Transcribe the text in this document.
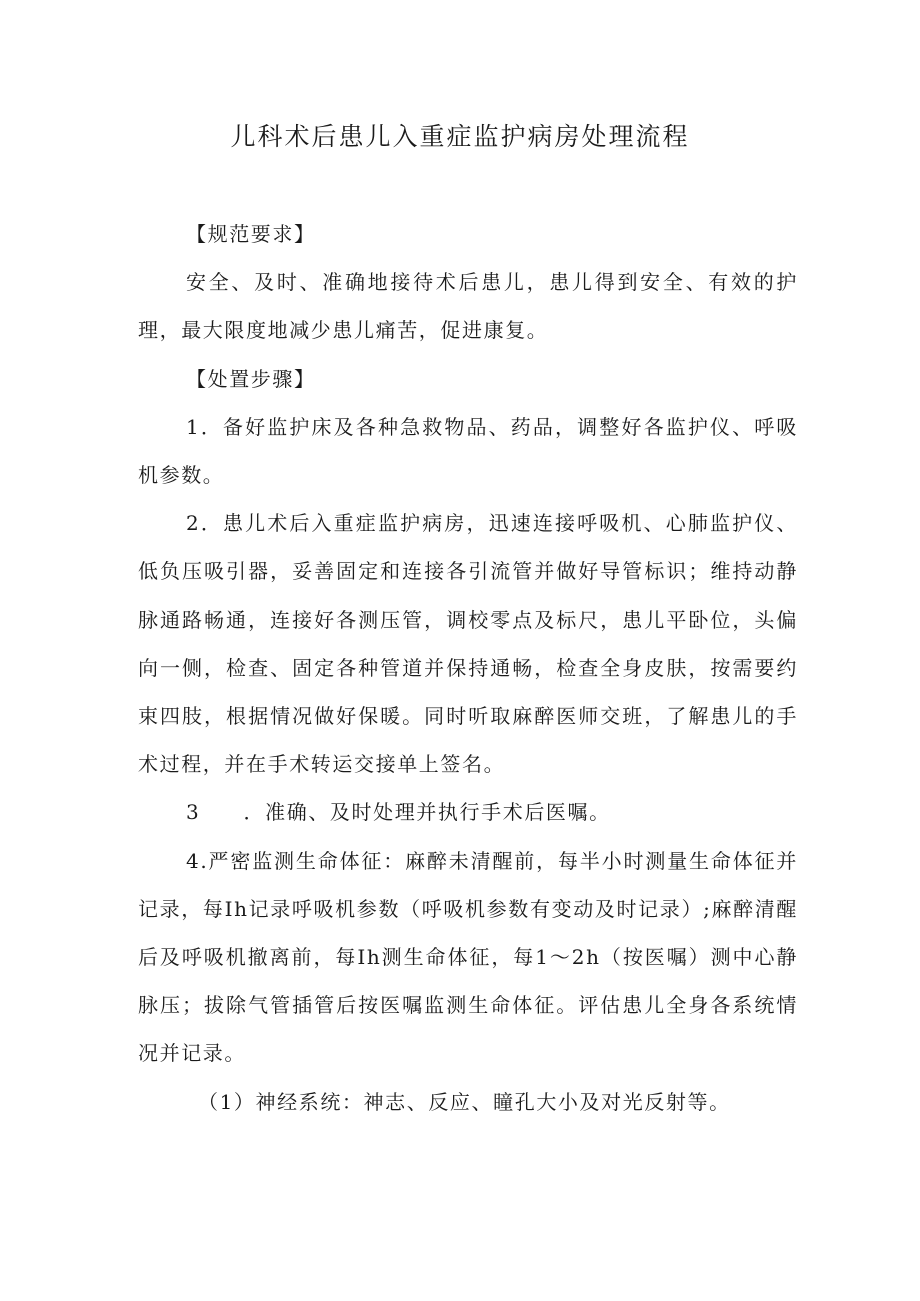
儿科术后患儿入重症监护病房处理流程

【规范要求】

安全、及时、准确地接待术后患儿，患儿得到安全、有效的护理，最大限度地减少患儿痛苦，促进康复。

【处置步骤】

1．备好监护床及各种急救物品、药品，调整好各监护仪、呼吸机参数。

2．患儿术后入重症监护病房，迅速连接呼吸机、心肺监护仪、低负压吸引器，妥善固定和连接各引流管并做好导管标识；维持动静脉通路畅通，连接好各测压管，调校零点及标尺，患儿平卧位，头偏向一侧，检查、固定各种管道并保持通畅，检查全身皮肤，按需要约束四肢，根据情况做好保暖。同时听取麻醉医师交班，了解患儿的手术过程，并在手术转运交接单上签名。

3　　．准确、及时处理并执行手术后医嘱。

4.严密监测生命体征：麻醉未清醒前，每半小时测量生命体征并记录，每Ih记录呼吸机参数（呼吸机参数有变动及时记录）;麻醉清醒后及呼吸机撤离前，每Ih测生命体征，每1～2h（按医嘱）测中心静脉压；拔除气管插管后按医嘱监测生命体征。评估患儿全身各系统情况并记录。

（1）神经系统：神志、反应、瞳孔大小及对光反射等。
